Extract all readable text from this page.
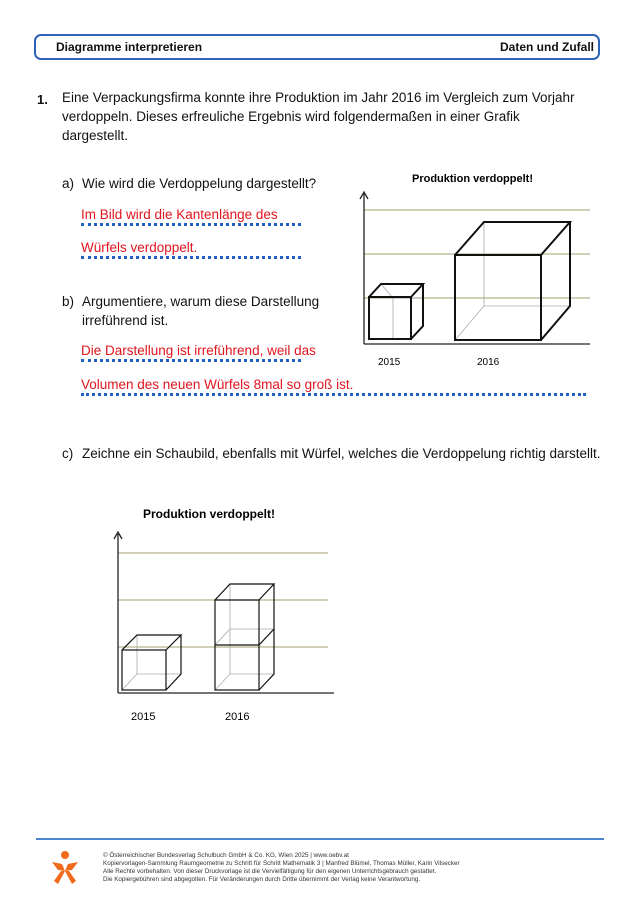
Diagramme interpretieren	Daten und Zufall
1. Eine Verpackungsfirma konnte ihre Produktion im Jahr 2016 im Vergleich zum Vorjahr verdoppeln. Dieses erfreuliche Ergebnis wird folgendermaßen in einer Grafik dargestellt.
a) Wie wird die Verdoppelung dargestellt?
Im Bild wird die Kantenlänge des
Würfels verdoppelt.
b) Argumentiere, warum diese Darstellung
irreführend ist.
Die Darstellung ist irreführend, weil das
Volumen des neuen Würfels 8mal so groß ist.
Produktion verdoppelt!
2015	2016
c) Zeichne ein Schaubild, ebenfalls mit Würfel, welches die Verdoppelung richtig darstellt.
Produktion verdoppelt!
2015	2016
© Österreichischer Bundesverlag Schulbuch GmbH & Co. KG, Wien 2025 | www.oebv.at
Kopiervorlagen-Sammlung Raumgeometrie zu Schritt für Schritt Mathematik 3 | Manfred Blümel, Thomas Müller, Karin Vilsecker
Alle Rechte vorbehalten. Von dieser Druckvorlage ist die Vervielfältigung für den eigenen Unterrichtsgebrauch gestattet.
Die Kopiergebühren sind abgegolten. Für Veränderungen durch Dritte übernimmt der Verlag keine Verantwortung.
